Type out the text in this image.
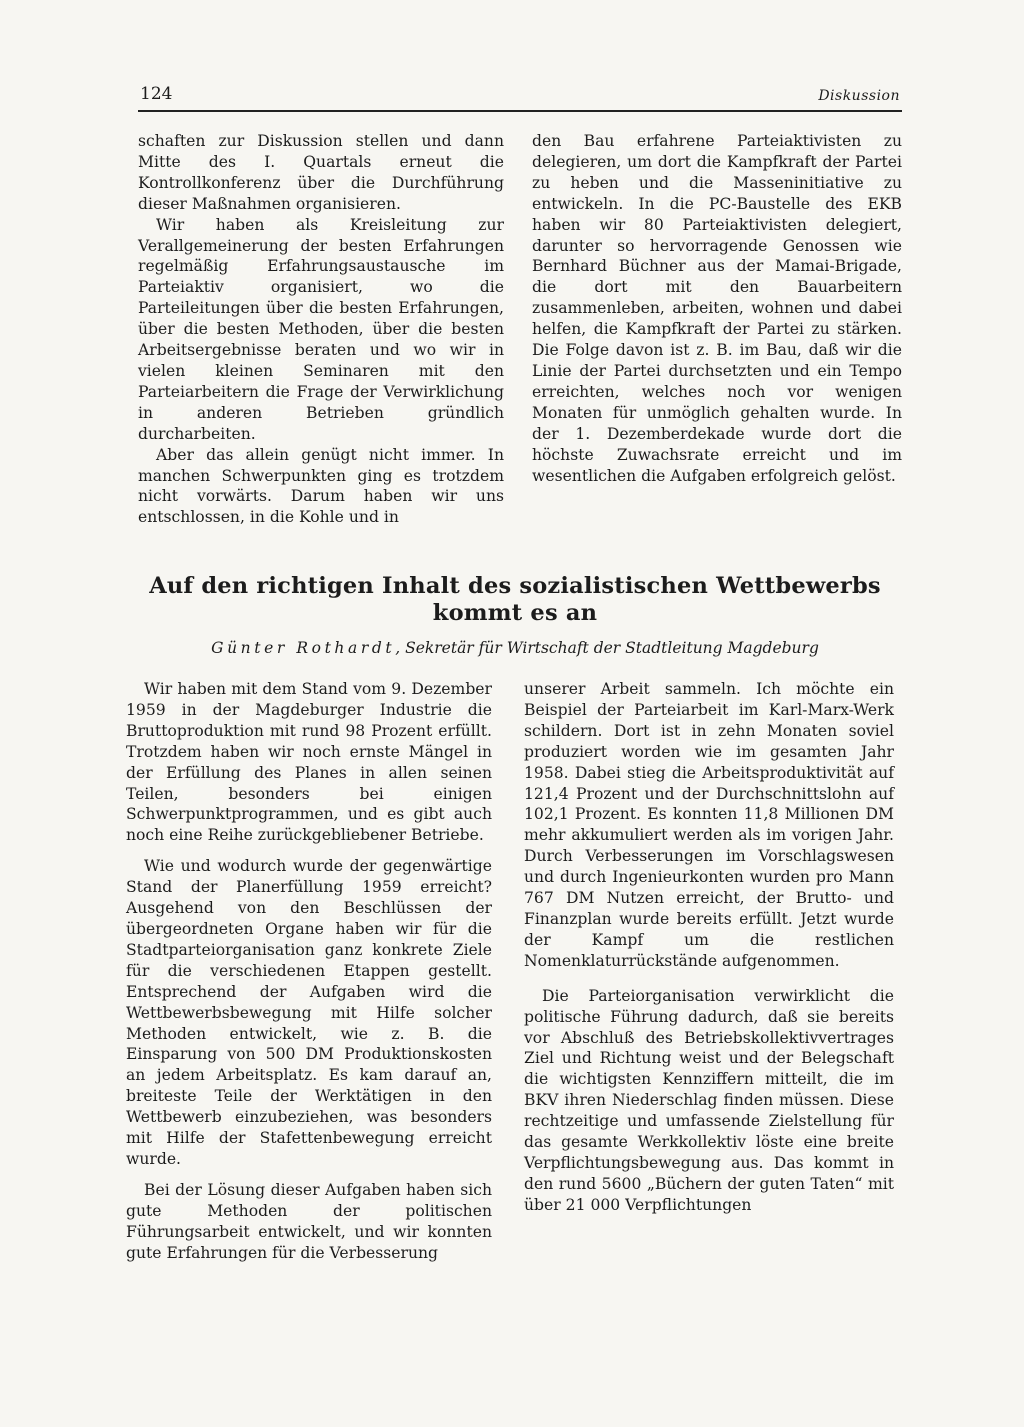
124	Diskussion

schaften zur Diskussion stellen und dann Mitte des I. Quartals erneut die Kontrollkonferenz über die Durchführung dieser Maßnahmen organisieren.

Wir haben als Kreisleitung zur Verallgemeinerung der besten Erfahrungen regelmäßig Erfahrungsaustausche im Parteiaktiv organisiert, wo die Parteileitungen über die besten Erfahrungen, über die besten Methoden, über die besten Arbeitsergebnisse beraten und wo wir in vielen kleinen Seminaren mit den Parteiarbeitern die Frage der Verwirklichung in anderen Betrieben gründlich durcharbeiten.

Aber das allein genügt nicht immer. In manchen Schwerpunkten ging es trotzdem nicht vorwärts. Darum haben wir uns entschlossen, in die Kohle und in

den Bau erfahrene Parteiaktivisten zu delegieren, um dort die Kampfkraft der Partei zu heben und die Masseninitiative zu entwickeln. In die PC-Baustelle des EKB haben wir 80 Parteiaktivisten delegiert, darunter so hervorragende Genossen wie Bernhard Büchner aus der Mamai-Brigade, die dort mit den Bauarbeitern zusammenleben, arbeiten, wohnen und dabei helfen, die Kampfkraft der Partei zu stärken. Die Folge davon ist z. B. im Bau, daß wir die Linie der Partei durchsetzten und ein Tempo erreichten, welches noch vor wenigen Monaten für unmöglich gehalten wurde. In der 1. Dezemberdekade wurde dort die höchste Zuwachsrate erreicht und im wesentlichen die Aufgaben erfolgreich gelöst.

Auf den richtigen Inhalt des sozialistischen Wettbewerbs
kommt es an
Günter Rothardt, Sekretär für Wirtschaft der Stadtleitung Magdeburg

Wir haben mit dem Stand vom 9. Dezember 1959 in der Magdeburger Industrie die Bruttoproduktion mit rund 98 Prozent erfüllt. Trotzdem haben wir noch ernste Mängel in der Erfüllung des Planes in allen seinen Teilen, besonders bei einigen Schwerpunktprogrammen, und es gibt auch noch eine Reihe zurückgebliebener Betriebe.

Wie und wodurch wurde der gegenwärtige Stand der Planerfüllung 1959 erreicht? Ausgehend von den Beschlüssen der übergeordneten Organe haben wir für die Stadtparteiorganisation ganz konkrete Ziele für die verschiedenen Etappen gestellt. Entsprechend der Aufgaben wird die Wettbewerbsbewegung mit Hilfe solcher Methoden entwickelt, wie z. B. die Einsparung von 500 DM Produktionskosten an jedem Arbeitsplatz. Es kam darauf an, breiteste Teile der Werktätigen in den Wettbewerb einzubeziehen, was besonders mit Hilfe der Stafettenbewegung erreicht wurde.

Bei der Lösung dieser Aufgaben haben sich gute Methoden der politischen Führungsarbeit entwickelt, und wir konnten gute Erfahrungen für die Verbesserung

unserer Arbeit sammeln. Ich möchte ein Beispiel der Parteiarbeit im Karl-Marx-Werk schildern. Dort ist in zehn Monaten soviel produziert worden wie im gesamten Jahr 1958. Dabei stieg die Arbeitsproduktivität auf 121,4 Prozent und der Durchschnittslohn auf 102,1 Prozent. Es konnten 11,8 Millionen DM mehr akkumuliert werden als im vorigen Jahr. Durch Verbesserungen im Vorschlagswesen und durch Ingenieurkonten wurden pro Mann 767 DM Nutzen erreicht, der Brutto- und Finanzplan wurde bereits erfüllt. Jetzt wurde der Kampf um die restlichen Nomenklaturrückstände aufgenommen.

Die Parteiorganisation verwirklicht die politische Führung dadurch, daß sie bereits vor Abschluß des Betriebskollektivvertrages Ziel und Richtung weist und der Belegschaft die wichtigsten Kennziffern mitteilt, die im BKV ihren Niederschlag finden müssen. Diese rechtzeitige und umfassende Zielstellung für das gesamte Werkkollektiv löste eine breite Verpflichtungsbewegung aus. Das kommt in den rund 5600 „Büchern der guten Taten“ mit über 21 000 Verpflichtungen
